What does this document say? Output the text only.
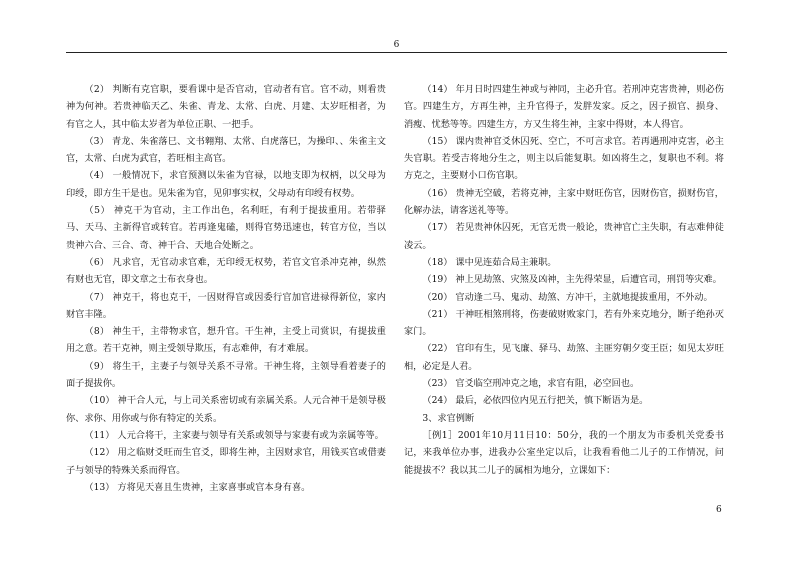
6

（2） 判断有克官职，要看课中是否官动，官动者有官。官不动，则看贵神为何神。若贵神临天乙、朱雀、青龙、太常、白虎、月建、太岁旺相者，为有官之人，其中临太岁者为单位正职、一把手。

（3） 青龙、朱雀落巳、文书翱翔、太常、白虎落巳，为操印、、朱雀主文官，太常、白虎为武官，若旺相主高官。

（4） 一般情况下，求官预测以朱雀为官禄，以地支即为权柄，以父母为印绶，即方生干是也。见朱雀为官，见卯事实权，父母动有印绶有权势。

（5） 神克干为官动，主工作出色，名利旺，有利于提拔重用。若带驿马、天马、主新得官或转官。若再逢鬼磕，则得官势迅速也，转官方位，当以贵神六合、三合、奇、神干合、天地合处断之。

（6） 凡求官，无官动求官难，无印绶无权势，若官文官杀冲克神，纵然有财也无官，即文章之士布衣身也。

（7） 神克干，将也克干，一因财得官或因委行官加官进禄得新位，家内财官丰隆。

（8） 神生干，主带物求官，想升官。干生神，主受上司赏识，有提拔重用之意。若干克神，则主受领导欺压，有志难伸，有才难展。

（9） 将生干，主妻子与领导关系不寻常。干神生将，主领导看着妻子的面子提拔你。

（10） 神干合人元，与上司关系密切或有亲属关系。人元合神干是领导极你、求你、用你或与你有特定的关系。

（11） 人元合将干，主家妻与领导有关系或领导与家妻有或为亲属等等。

（12） 用之临财爻旺而生官爻，即将生神，主因财求官，用钱买官或借妻子与领导的特殊关系而得官。

（13） 方将见天喜且生贵神，主家喜事或官本身有喜。

（14） 年月日时四建生神或与神同，主必升官。若刑冲克害贵神，则必伤官。四建生方，方再生神，主升官得子，发胖发家。反之，因子损官、损身、消瘦、忧愁等等。四建生方，方又生将生神，主家中得财，本人得官。

（15） 课内贵神官爻休囚死、空亡，不可言求官。若再遇刑冲克害，必主失官职。若受吉将地分生之，则主以后能复职。如凶将生之，复职也不利。将方克之，主要财小口伤官职。

（16） 贵神无空破，若将克神，主家中财旺伤官，因财伤官，损财伤官，化解办法，请客送礼等等。

（17） 若见贵神休囚死，无官无贵一般论，贵神官亡主失职，有志难伸徒凌云。

（18） 课中见连茹合局主兼职。

（19） 神上见劫煞、灾煞及凶神，主先得荣显，后遭官司，刑罚等灾难。

（20） 官动逢二马、鬼动、劫煞、方冲干，主就地提拔重用，不外动。

（21） 干神旺相煞刑将，伤妻破财败家门，若有外来克地分，断子绝孙灭家门。

（22） 官印有生，见飞廉、驿马、劫煞、主匪穷朝夕变王臣；如见太岁旺相，必定是人君。

（23） 官爻临空刑冲克之地，求官有阻，必空回也。

（24） 最后，必依四位内见五行把关，慎下断语为是。

3、求官例断

［例1］2001年10月11日10：50分，我的一个朋友为市委机关党委书记，来我单位办事，进我办公室坐定以后，让我看看他二儿子的工作情况，问能提拔不？我以其二儿子的属相为地分，立课如下：

6
